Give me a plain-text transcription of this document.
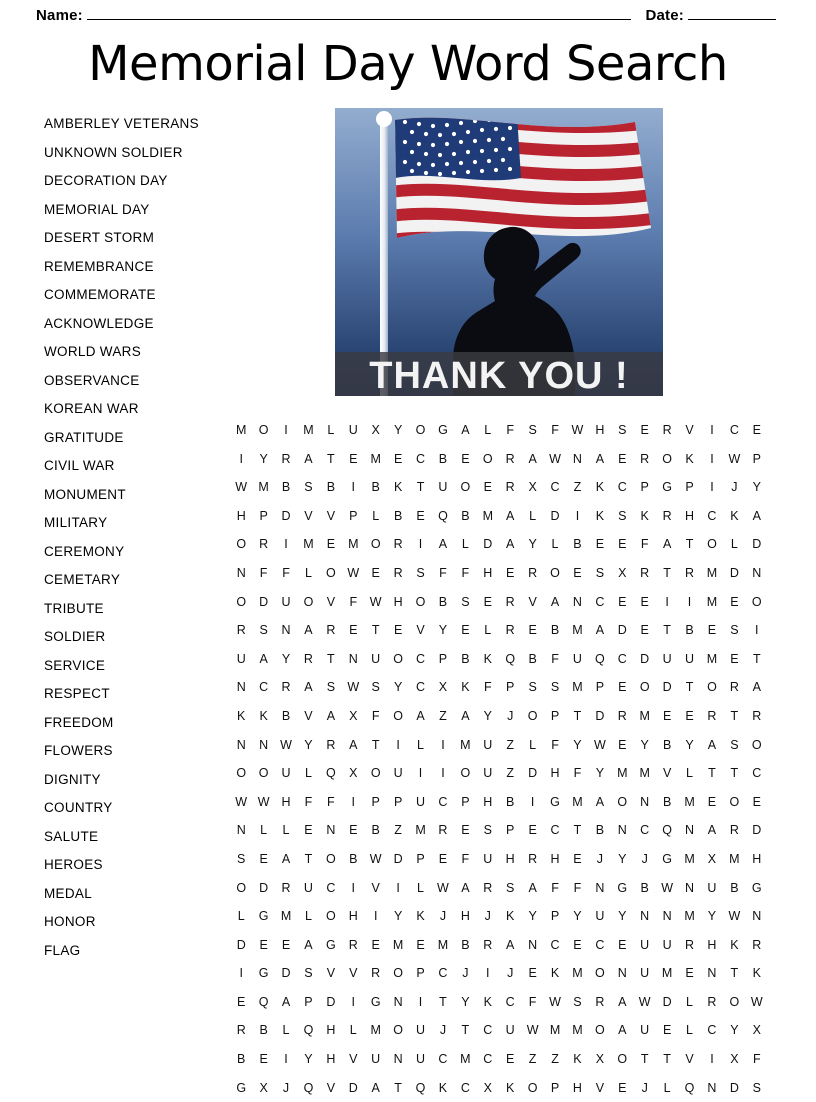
Name:	Date:
Memorial Day Word Search
AMBERLEY VETERANS
UNKNOWN SOLDIER
DECORATION DAY
MEMORIAL DAY
DESERT STORM
REMEMBRANCE
COMMEMORATE
ACKNOWLEDGE
WORLD WARS
OBSERVANCE
KOREAN WAR
GRATITUDE
CIVIL WAR
MONUMENT
MILITARY
CEREMONY
CEMETARY
TRIBUTE
SOLDIER
SERVICE
RESPECT
FREEDOM
FLOWERS
DIGNITY
COUNTRY
SALUTE
HEROES
MEDAL
HONOR
FLAG
THANK YOU !
M O	I	M	L	U	X	Y	O	G	A	L	F	S	F	W H	S	E	R	V	I	C	E
I	Y	R	A	T	E	M	E	C	B	E	O	R	A W N	A	E	R	O	K	I	W P
W M	B	S	B	I	B	K	T	U	O	E	R	X	C	Z	K	C	P	G	P	I	J	Y
H	P	D	V	V	P	L	B	E	Q	B	M	A	L	D	I	K	S	K	R	H	C	K	A
O	R	I	M	E	M O	R	I	A	L	D	A	Y	L	B	E	E	F	A	T	O	L	D
N	F	F	L	O W E	R	S	F	F	H	E	R	O	E	S	X	R	T	R	M	D	N
O	D	U	O	V	F	W H	O	B	S	E	R	V	A	N	C	E	E	I	I	M	E	O
R	S	N	A	R	E	T	E	V	Y	E	L	R	E	B	M	A	D	E	T	B	E	S	I
U	A	Y	R	T	N	U	O	C	P	B	K	Q	B	F	U	Q	C	D	U	U	M	E	T
N	C	R	A	S W S	Y	C	X	K	F	P	S	S	M	P	E	O	D	T	O	R	A
K	K	B	V	A	X	F	O	A	Z	A	Y	J	O	P	T	D	R	M	E	E	R	T	R
N	N W Y	R	A	T	I	L	I	M	U	Z	L	F	Y W E	Y	B	Y	A	S	O
O	O	U	L	Q	X	O	U	I	I	O	U	Z	D	H	F	Y	M M	V	L	T	T	C
W W H	F	F	I	P	P	U	C	P	H	B	I	G M	A	O	N	B	M	E	O	E
N	L	L	E	N	E	B	Z	M	R	E	S	P	E	C	T	B	N	C	Q	N	A	R	D
S	E	A	T	O	B W D	P	E	F	U	H	R	H	E	J	Y	J	G M	X	M	H
O	D	R	U	C	I	V	I	L	W A	R	S	A	F	F	N	G	B W N	U	B	G
L	G M	L	O	H	I	Y	K	J	H	J	K	Y	P	Y	U	Y	N	N	M	Y W N
D	E	E	A	G	R	E	M	E	M	B	R	A	N	C	E	C	E	U	U	R	H	K	R
I	G	D	S	V	V	R	O	P	C	J	I	J	E	K	M O	N	U	M	E	N	T	K
E	Q	A	P	D	I	G	N	I	T	Y	K	C	F	W S	R	A W D	L	R	O W
R	B	L	Q	H	L	M O	U	J	T	C	U W M M O	A	U	E	L	C	Y	X
B	E	I	Y	H	V	U	N	U	C	M	C	E	Z	Z	K	X	O	T	T	V	I	X	F
G	X	J	Q	V	D	A	T	Q	K	C	X	K	O	P	H	V	E	J	L	Q	N	D	S
